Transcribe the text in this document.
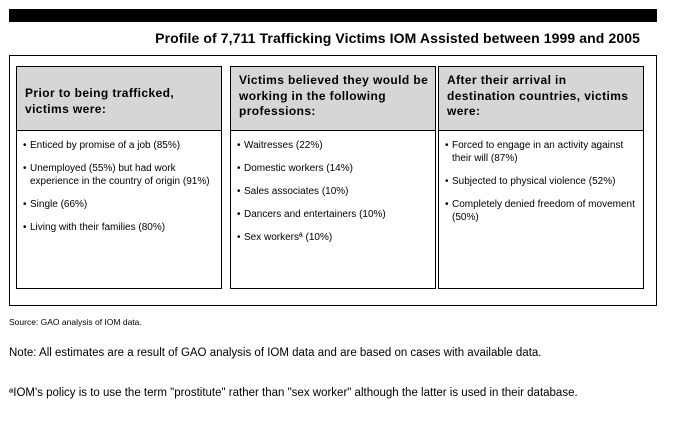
Profile of 7,711 Trafficking Victims IOM Assisted between 1999 and 2005
Prior to being trafficked, victims were:
• Enticed by promise of a job (85%)
• Unemployed (55%) but had work experience in the country of origin (91%)
• Single (66%)
• Living with their families (80%)
Victims believed they would be working in the following professions:
• Waitresses (22%)
• Domestic workers (14%)
• Sales associates (10%)
• Dancers and entertainers (10%)
• Sex workersª (10%)
After their arrival in destination countries, victims were:
• Forced to engage in an activity against their will (87%)
• Subjected to physical violence (52%)
• Completely denied freedom of movement (50%)
Source: GAO analysis of IOM data.
Note: All estimates are a result of GAO analysis of IOM data and are based on cases with available data.
ªIOM's policy is to use the term "prostitute" rather than "sex worker" although the latter is used in their database.
